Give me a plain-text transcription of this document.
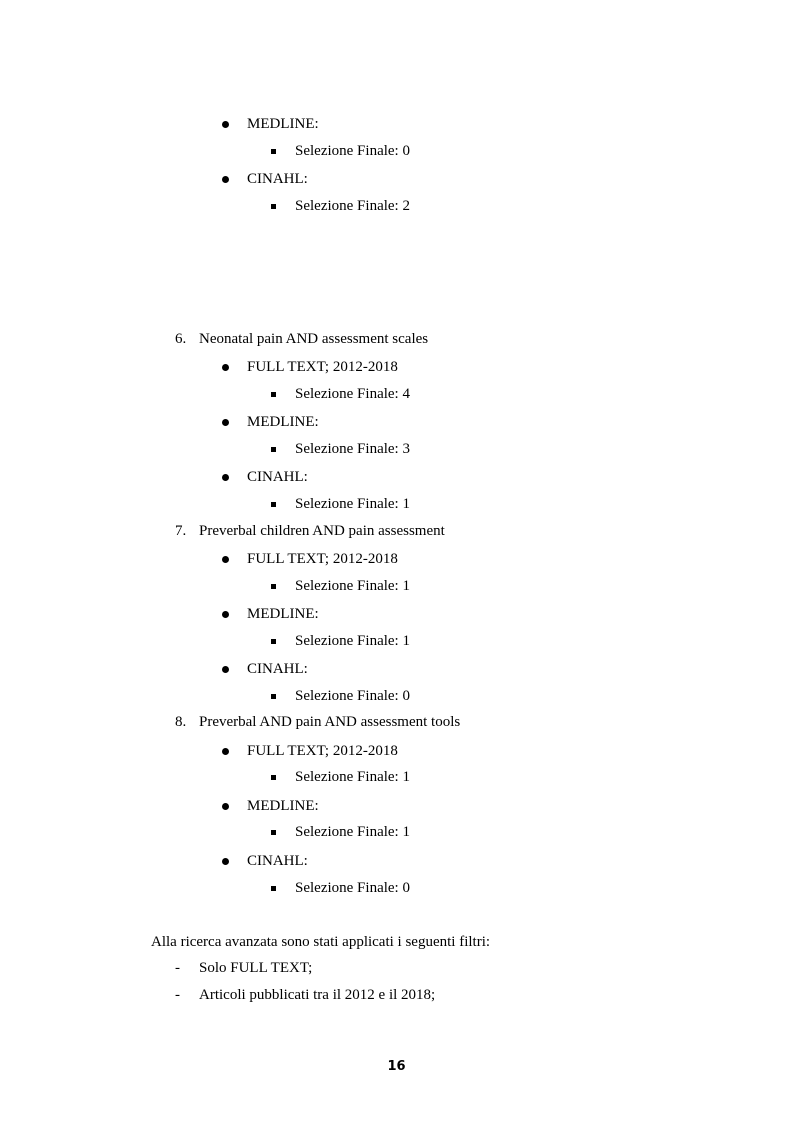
MEDLINE:
Selezione Finale: 0
CINAHL:
Selezione Finale: 2
6. Neonatal pain AND assessment scales
FULL TEXT; 2012-2018
Selezione Finale: 4
MEDLINE:
Selezione Finale: 3
CINAHL:
Selezione Finale: 1
7. Preverbal children AND pain assessment
FULL TEXT; 2012-2018
Selezione Finale: 1
MEDLINE:
Selezione Finale: 1
CINAHL:
Selezione Finale: 0
8. Preverbal AND pain AND assessment tools
FULL TEXT; 2012-2018
Selezione Finale: 1
MEDLINE:
Selezione Finale: 1
CINAHL:
Selezione Finale: 0
Alla ricerca avanzata sono stati applicati i seguenti filtri:
- Solo FULL TEXT;
- Articoli pubblicati tra il 2012 e il 2018;
16
